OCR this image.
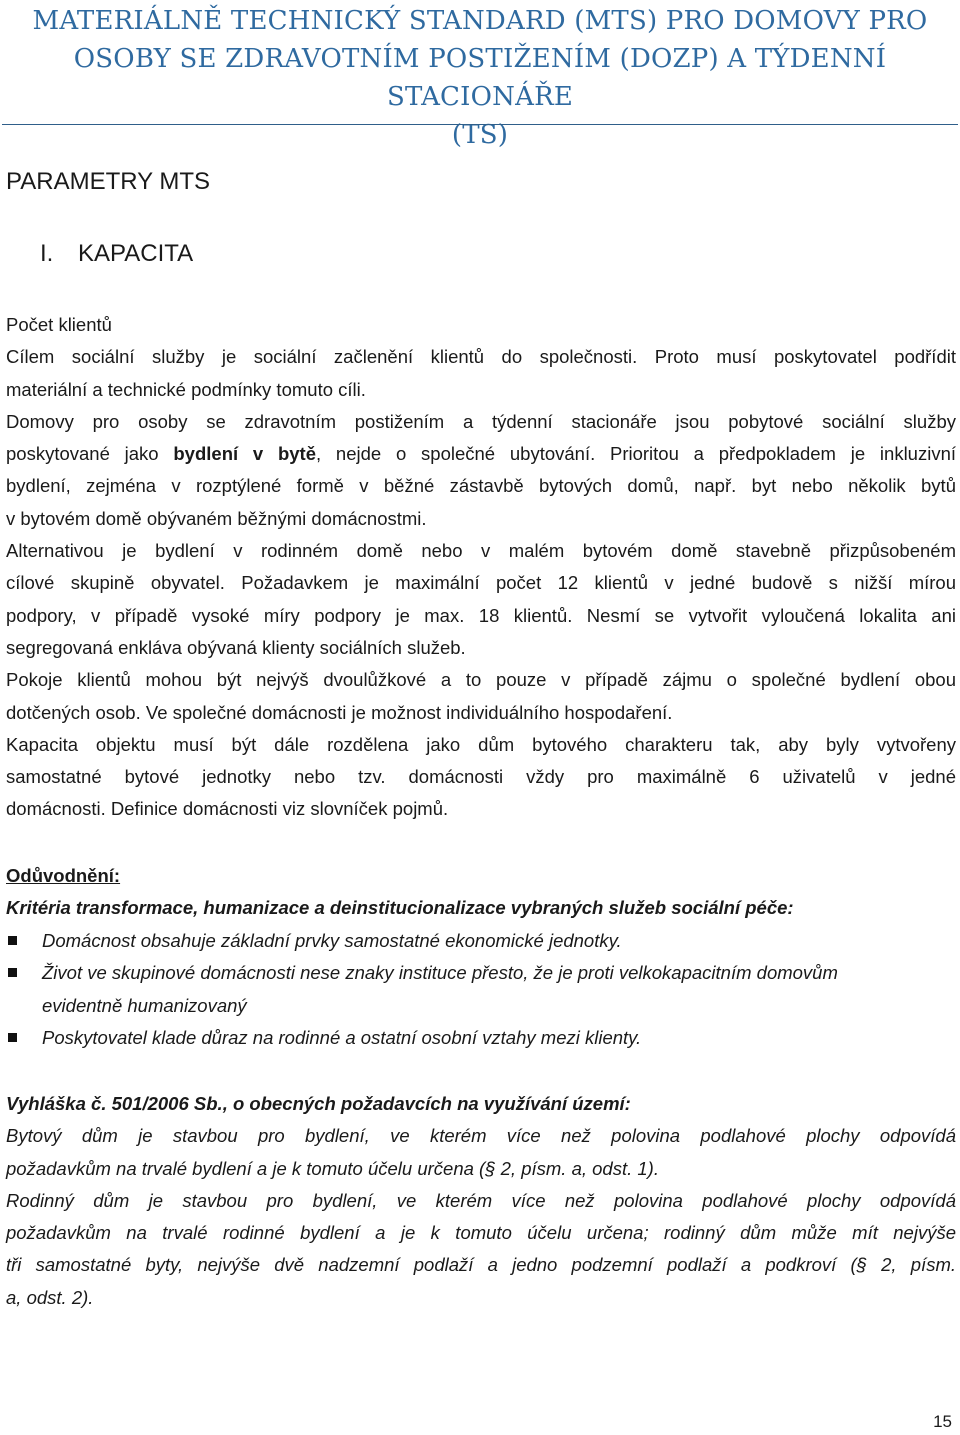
MATERIÁLNĚ TECHNICKÝ STANDARD (MTS) PRO DOMOVY PRO
OSOBY SE ZDRAVOTNÍM POSTIŽENÍM (DOZP) A TÝDENNÍ STACIONÁŘE
(TS)
PARAMETRY MTS
I. KAPACITA
Počet klientů
Cílem sociální služby je sociální začlenění klientů do společnosti. Proto musí poskytovatel podřídit
materiální a technické podmínky tomuto cíli.
Domovy pro osoby se zdravotním postižením a týdenní stacionáře jsou pobytové sociální služby
poskytované jako bydlení v bytě, nejde o společné ubytování. Prioritou a předpokladem je inkluzivní
bydlení, zejména v rozptýlené formě v běžné zástavbě bytových domů, např. byt nebo několik bytů
v bytovém domě obývaném běžnými domácnostmi.
Alternativou je bydlení v rodinném domě nebo v malém bytovém domě stavebně přizpůsobeném
cílové skupině obyvatel. Požadavkem je maximální počet 12 klientů v jedné budově s nižší mírou
podpory, v případě vysoké míry podpory je max. 18 klientů. Nesmí se vytvořit vyloučená lokalita ani
segregovaná enkláva obývaná klienty sociálních služeb.
Pokoje klientů mohou být nejvýš dvoulůžkové a to pouze v případě zájmu o společné bydlení obou
dotčených osob. Ve společné domácnosti je možnost individuálního hospodaření.
Kapacita objektu musí být dále rozdělena jako dům bytového charakteru tak, aby byly vytvořeny
samostatné bytové jednotky nebo tzv. domácnosti vždy pro maximálně 6 uživatelů v jedné
domácnosti. Definice domácnosti viz slovníček pojmů.
Odůvodnění:
Kritéria transformace, humanizace a deinstitucionalizace vybraných služeb sociální péče:
Domácnost obsahuje základní prvky samostatné ekonomické jednotky.
Život ve skupinové domácnosti nese znaky instituce přesto, že je proti velkokapacitním domovům
evidentně humanizovaný
Poskytovatel klade důraz na rodinné a ostatní osobní vztahy mezi klienty.
Vyhláška č. 501/2006 Sb., o obecných požadavcích na využívání území:
Bytový dům je stavbou pro bydlení, ve kterém více než polovina podlahové plochy odpovídá
požadavkům na trvalé bydlení a je k tomuto účelu určena (§ 2, písm. a, odst. 1).
Rodinný dům je stavbou pro bydlení, ve kterém více než polovina podlahové plochy odpovídá
požadavkům na trvalé rodinné bydlení a je k tomuto účelu určena; rodinný dům může mít nejvýše
tři samostatné byty, nejvýše dvě nadzemní podlaží a jedno podzemní podlaží a podkroví (§ 2, písm.
a, odst. 2).
15
